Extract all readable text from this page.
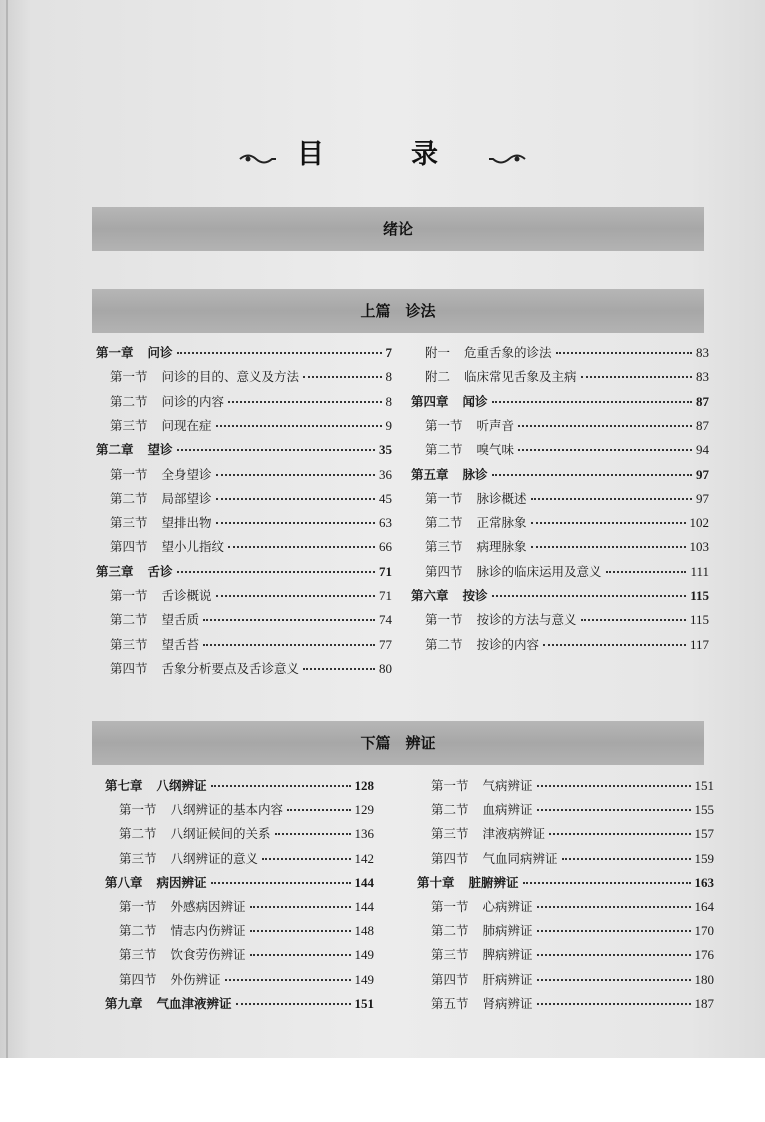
目　录
绪论
上篇　诊法
下篇　辨证
第一章 问诊	7
第一节 问诊的目的、意义及方法	8
第二节 问诊的内容	8
第三节 问现在症	9
第二章 望诊	35
第一节 全身望诊	36
第二节 局部望诊	45
第三节 望排出物	63
第四节 望小儿指纹	66
第三章 舌诊	71
第一节 舌诊概说	71
第二节 望舌质	74
第三节 望舌苔	77
第四节 舌象分析要点及舌诊意义	80
附一 危重舌象的诊法	83
附二 临床常见舌象及主病	83
第四章 闻诊	87
第一节 听声音	87
第二节 嗅气味	94
第五章 脉诊	97
第一节 脉诊概述	97
第二节 正常脉象	102
第三节 病理脉象	103
第四节 脉诊的临床运用及意义	111
第六章 按诊	115
第一节 按诊的方法与意义	115
第二节 按诊的内容	117
第七章 八纲辨证	128
第一节 八纲辨证的基本内容	129
第二节 八纲证候间的关系	136
第三节 八纲辨证的意义	142
第八章 病因辨证	144
第一节 外感病因辨证	144
第二节 情志内伤辨证	148
第三节 饮食劳伤辨证	149
第四节 外伤辨证	149
第九章 气血津液辨证	151
第一节 气病辨证	151
第二节 血病辨证	155
第三节 津液病辨证	157
第四节 气血同病辨证	159
第十章 脏腑辨证	163
第一节 心病辨证	164
第二节 肺病辨证	170
第三节 脾病辨证	176
第四节 肝病辨证	180
第五节 肾病辨证	187
